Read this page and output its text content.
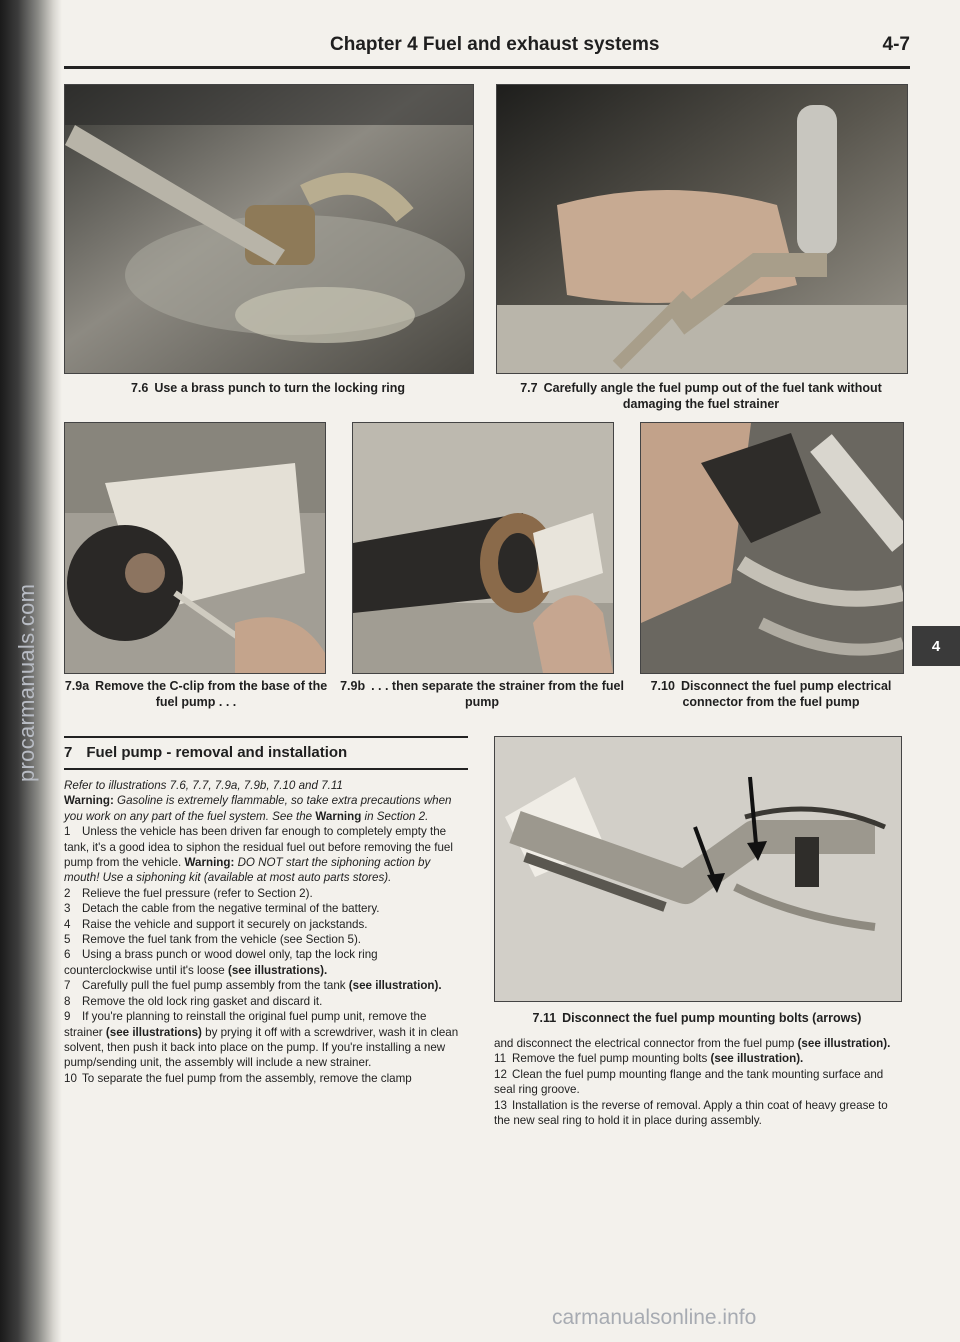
Chapter 4 Fuel and exhaust systems	4-7
7.6 Use a brass punch to turn the locking ring	7.7 Carefully angle the fuel pump out of the fuel tank without damaging the fuel strainer
7.9a Remove the C-clip from the base of the fuel pump . . .
7.9b . . . then separate the strainer from the fuel pump
7.10 Disconnect the fuel pump electrical connector from the fuel pump
4
7 Fuel pump - removal and installation

Refer to illustrations 7.6, 7.7, 7.9a, 7.9b, 7.10 and 7.11

Warning: Gasoline is extremely flammable, so take extra precautions when you work on any part of the fuel system. See the Warning in Section 2.

1 Unless the vehicle has been driven far enough to completely empty the tank, it's a good idea to siphon the residual fuel out before removing the fuel pump from the vehicle. Warning: DO NOT start the siphoning action by mouth! Use a siphoning kit (available at most auto parts stores).

2 Relieve the fuel pressure (refer to Section 2).

3 Detach the cable from the negative terminal of the battery.

4 Raise the vehicle and support it securely on jackstands.

5 Remove the fuel tank from the vehicle (see Section 5).

6 Using a brass punch or wood dowel only, tap the lock ring counterclockwise until it's loose (see illustrations).

7 Carefully pull the fuel pump assembly from the tank (see illustration).

8 Remove the old lock ring gasket and discard it.

9 If you're planning to reinstall the original fuel pump unit, remove the strainer (see illustrations) by prying it off with a screwdriver, wash it in clean solvent, then push it back into place on the pump. If you're installing a new pump/sending unit, the assembly will include a new strainer.

10 To separate the fuel pump from the assembly, remove the clamp

7.11 Disconnect the fuel pump mounting bolts (arrows)

and disconnect the electrical connector from the fuel pump (see illustration).

11 Remove the fuel pump mounting bolts (see illustration).

12 Clean the fuel pump mounting flange and the tank mounting surface and seal ring groove.

13 Installation is the reverse of removal. Apply a thin coat of heavy grease to the new seal ring to hold it in place during assembly.

carmanualsonline.info
